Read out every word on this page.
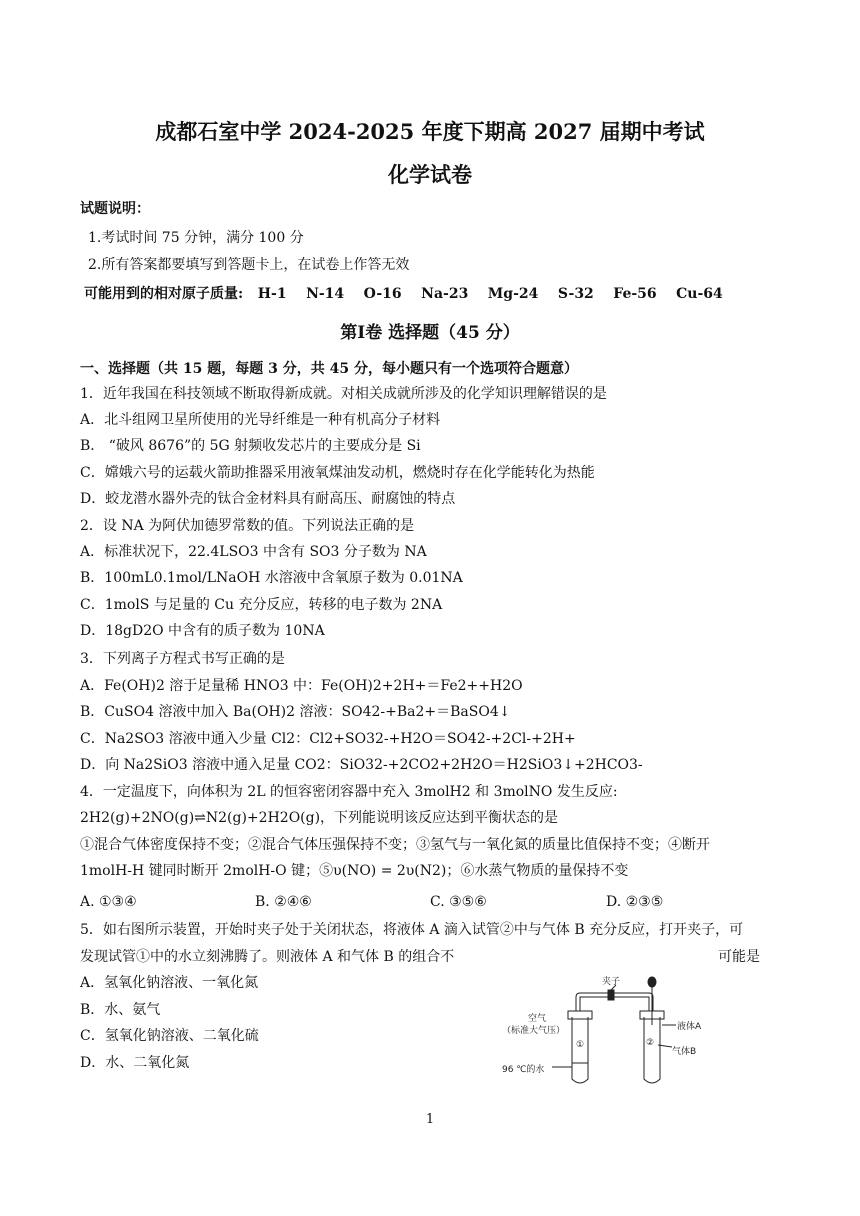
成都石室中学 2024-2025 年度下期高 2027 届期中考试
化学试卷
试题说明：
1.考试时间 75 分钟，满分 100 分
2.所有答案都要填写到答题卡上，在试卷上作答无效
可能用到的相对原子质量:   H-1    N-14    O-16    Na-23    Mg-24    S-32    Fe-56    Cu-64
第Ⅰ卷 选择题（45 分）
一、选择题（共 15 题，每题 3 分，共 45 分，每小题只有一个选项符合题意）
1．近年我国在科技领域不断取得新成就。对相关成就所涉及的化学知识理解错误的是
A．北斗组网卫星所使用的光导纤维是一种有机高分子材料
B． “破风 8676”的 5G 射频收发芯片的主要成分是 Si
C．嫦娥六号的运载火箭助推器采用液氧煤油发动机，燃烧时存在化学能转化为热能
D．蛟龙潜水器外壳的钛合金材料具有耐高压、耐腐蚀的特点
2．设 NA 为阿伏加德罗常数的值。下列说法正确的是
A．标准状况下，22.4LSO3 中含有 SO3 分子数为 NA
B．100mL0.1mol/LNaOH 水溶液中含氧原子数为 0.01NA
C．1molS 与足量的 Cu 充分反应，转移的电子数为 2NA
D．18gD2O 中含有的质子数为 10NA
3．下列离子方程式书写正确的是
A．Fe(OH)2 溶于足量稀 HNO3 中：Fe(OH)2+2H+＝Fe2++H2O
B．CuSO4 溶液中加入 Ba(OH)2 溶液：SO42-+Ba2+＝BaSO4↓
C．Na2SO3 溶液中通入少量 Cl2：Cl2+SO32-+H2O＝SO42-+2Cl-+2H+
D．向 Na2SiO3 溶液中通入足量 CO2：SiO32-+2CO2+2H2O＝H2SiO3↓+2HCO3-
4．一定温度下，向体积为 2L 的恒容密闭容器中充入 3molH2 和 3molNO 发生反应:
2H2(g)+2NO(g)⇌N2(g)+2H2O(g)，下列能说明该反应达到平衡状态的是
①混合气体密度保持不变；②混合气体压强保持不变；③氢气与一氧化氮的质量比值保持不变；④断开
1molH-H 键同时断开 2molH-O 键；⑤υ(NO) = 2υ(N2)；⑥水蒸气物质的量保持不变
A. ①③④	B. ②④⑥	C. ③⑤⑥	D. ②③⑤
5．如右图所示装置，开始时夹子处于关闭状态，将液体 A 滴入试管②中与气体 B 充分反应，打开夹子，可
发现试管①中的水立刻沸腾了。则液体 A 和气体 B 的组合不	可能是
A．氢氧化钠溶液、一氧化氮
B．水、氨气
C．氢氧化钠溶液、二氧化硫
D．水、二氧化氮
夹子
空气
（标准大气压）
①	②
96 ℃的水
液体A
气体B
1
